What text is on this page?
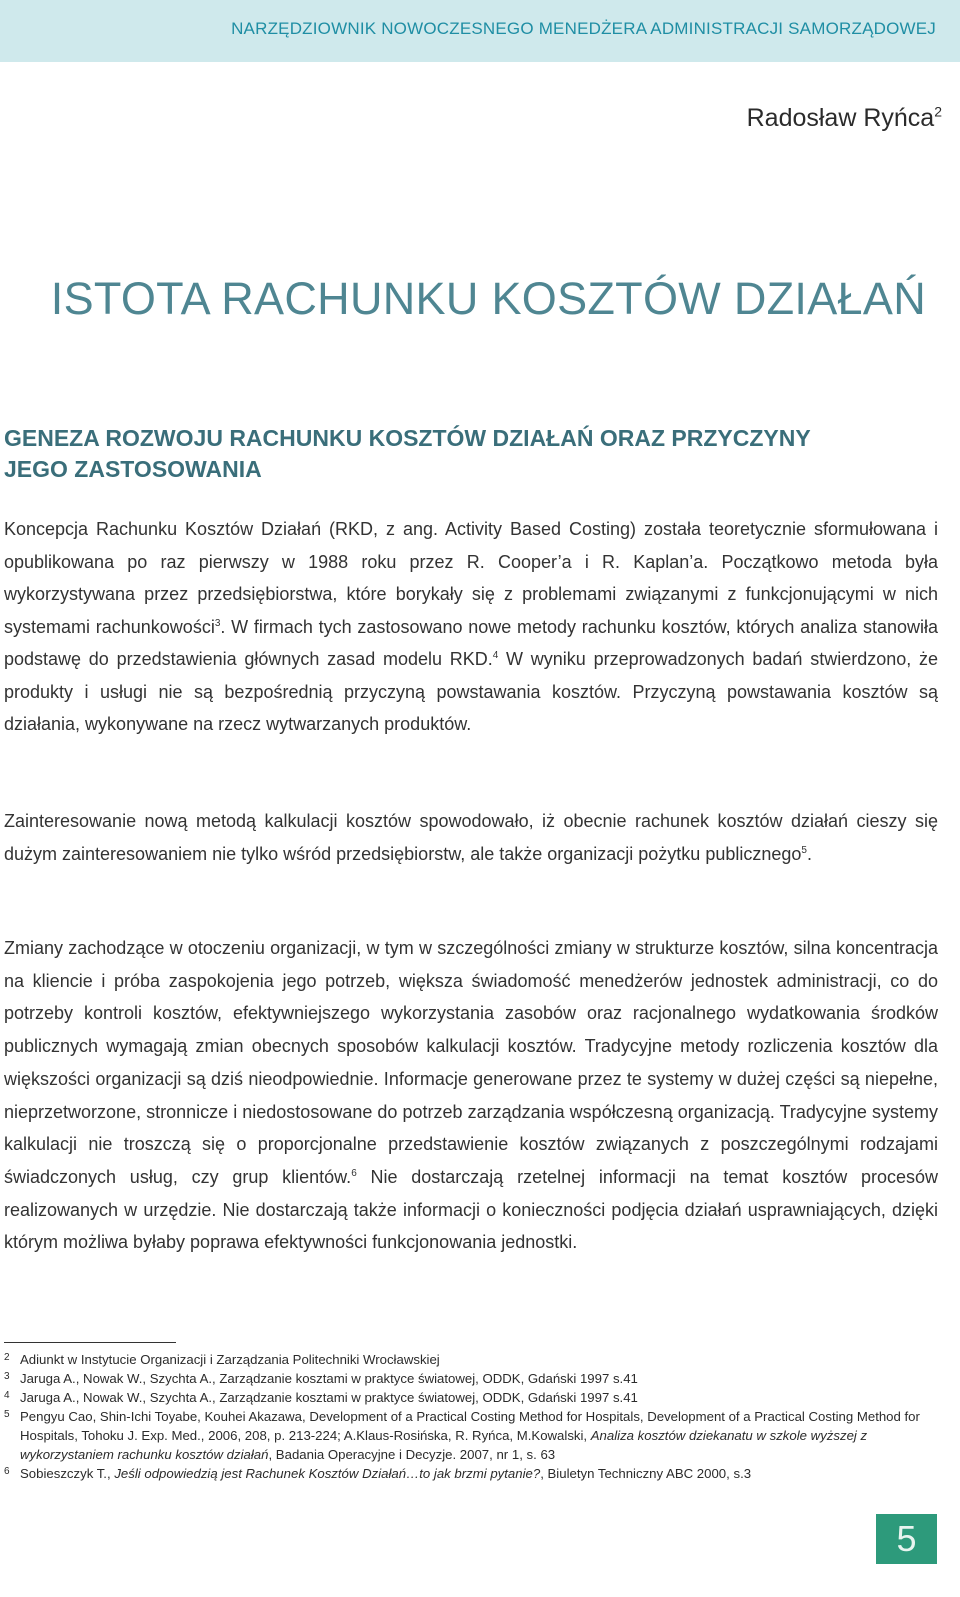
NARZĘDZIOWNIK NOWOCZESNEGO MENEDŻERA ADMINISTRACJI SAMORZĄDOWEJ
Radosław Ryńca$^2$
ISTOTA RACHUNKU KOSZTÓW DZIAŁAŃ
GENEZA ROZWOJU RACHUNKU KOSZTÓW DZIAŁAŃ ORAZ PRZYCZYNY
JEGO ZASTOSOWANIA

Koncepcja Rachunku Kosztów Działań (RKD, z ang. Activity Based Costing) została teoretycznie sformułowana i opublikowana po raz pierwszy w 1988 roku przez R. Cooper’a i R. Kaplan’a. Początkowo metoda była wykorzystywana przez przedsiębiorstwa, które borykały się z problemami związanymi z funkcjonującymi w nich systemami rachunkowości$^3$. W firmach tych zastosowano nowe metody rachunku kosztów, których analiza stanowiła podstawę do przedstawienia głównych zasad modelu RKD.$^4$ W wyniku przeprowadzonych badań stwierdzono, że produkty i usługi nie są bezpośrednią przyczyną powstawania kosztów. Przyczyną powstawania kosztów są działania, wykonywane na rzecz wytwarzanych produktów.

Zainteresowanie nową metodą kalkulacji kosztów spowodowało, iż obecnie rachunek kosztów działań cieszy się dużym zainteresowaniem nie tylko wśród przedsiębiorstw, ale także organizacji pożytku publicznego$^5$.

Zmiany zachodzące w otoczeniu organizacji, w tym w szczególności zmiany w strukturze kosztów, silna koncentracja na kliencie i próba zaspokojenia jego potrzeb, większa świadomość menedżerów jednostek administracji, co do potrzeby kontroli kosztów, efektywniejszego wykorzystania zasobów oraz racjonalnego wydatkowania środków publicznych wymagają zmian obecnych sposobów kalkulacji kosztów. Tradycyjne metody rozliczenia kosztów dla większości organizacji są dziś nieodpowiednie. Informacje generowane przez te systemy w dużej części są niepełne, nieprzetworzone, stronnicze i niedostosowane do potrzeb zarządzania współczesną organizacją. Tradycyjne systemy kalkulacji nie troszczą się o proporcjonalne przedstawienie kosztów związanych z poszczególnymi rodzajami świadczonych usług, czy grup klientów.$^6$ Nie dostarczają rzetelnej informacji na temat kosztów procesów realizowanych w urzędzie. Nie dostarczają także informacji o konieczności podjęcia działań usprawniających, dzięki którym możliwa byłaby poprawa efektywności funkcjonowania jednostki.

2 Adiunkt w Instytucie Organizacji i Zarządzania Politechniki Wrocławskiej
3 Jaruga A., Nowak W., Szychta A., Zarządzanie kosztami w praktyce światowej, ODDK, Gdański 1997 s.41
4 Jaruga A., Nowak W., Szychta A., Zarządzanie kosztami w praktyce światowej, ODDK, Gdański 1997 s.41
5 Pengyu Cao, Shin-Ichi Toyabe, Kouhei Akazawa, Development of a Practical Costing Method for Hospitals, Development of a Practical Costing Method for Hospitals, Tohoku J. Exp. Med., 2006, 208, p. 213-224; A.Klaus-Rosińska, R. Ryńca, M.Kowalski, Analiza kosztów dziekanatu w szkole wyższej z wykorzystaniem rachunku kosztów działań, Badania Operacyjne i Decyzje. 2007, nr 1, s. 63
6 Sobieszczyk T., Jeśli odpowiedzią jest Rachunek Kosztów Działań…to jak brzmi pytanie?, Biuletyn Techniczny ABC 2000, s.3
5
